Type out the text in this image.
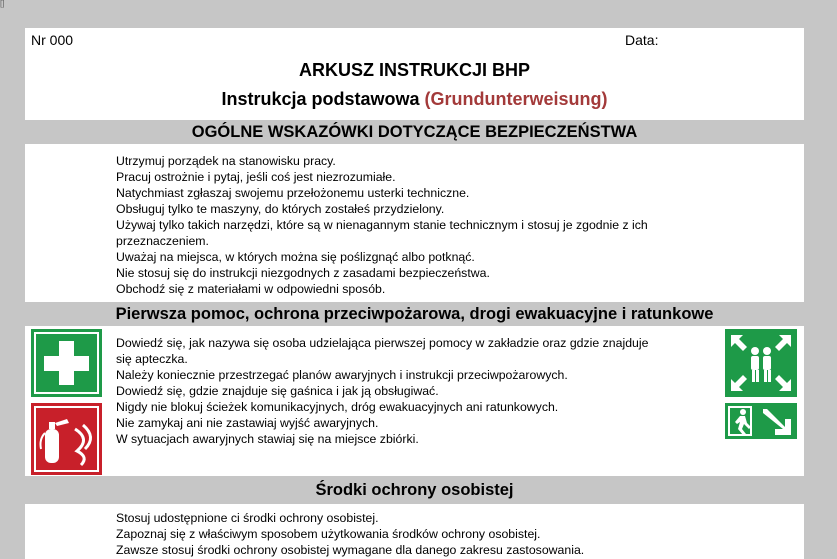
[]
Nr 000	Data:
ARKUSZ INSTRUKCJI BHP
Instrukcja podstawowa (Grundunterweisung)
OGÓLNE WSKAZÓWKI DOTYCZĄCE BEZPIECZEŃSTWA
Utrzymuj porządek na stanowisku pracy.
Pracuj ostrożnie i pytaj, jeśli coś jest niezrozumiałe.
Natychmiast zgłaszaj swojemu przełożonemu usterki techniczne.
Obsługuj tylko te maszyny, do których zostałeś przydzielony.
Używaj tylko takich narzędzi, które są w nienagannym stanie technicznym i stosuj je zgodnie z ich
przeznaczeniem.
Uważaj na miejsca, w których można się poślizgnąć albo potknąć.
Nie stosuj się do instrukcji niezgodnych z zasadami bezpieczeństwa.
Obchodź się z materiałami w odpowiedni sposób.
Pierwsza pomoc, ochrona przeciwpożarowa, drogi ewakuacyjne i ratunkowe
Dowiedź się, jak nazywa się osoba udzielająca pierwszej pomocy w zakładzie oraz gdzie znajduje
się apteczka.
Należy koniecznie przestrzegać planów awaryjnych i instrukcji przeciwpożarowych.
Dowiedź się, gdzie znajduje się gaśnica i jak ją obsługiwać.
Nigdy nie blokuj ścieżek komunikacyjnych, dróg ewakuacyjnych ani ratunkowych.
Nie zamykaj ani nie zastawiaj wyjść awaryjnych.
W sytuacjach awaryjnych stawiaj się na miejsce zbiórki.
Środki ochrony osobistej
Stosuj udostępnione ci środki ochrony osobistej.
Zapoznaj się z właściwym sposobem użytkowania środków ochrony osobistej.
Zawsze stosuj środki ochrony osobistej wymagane dla danego zakresu zastosowania.
